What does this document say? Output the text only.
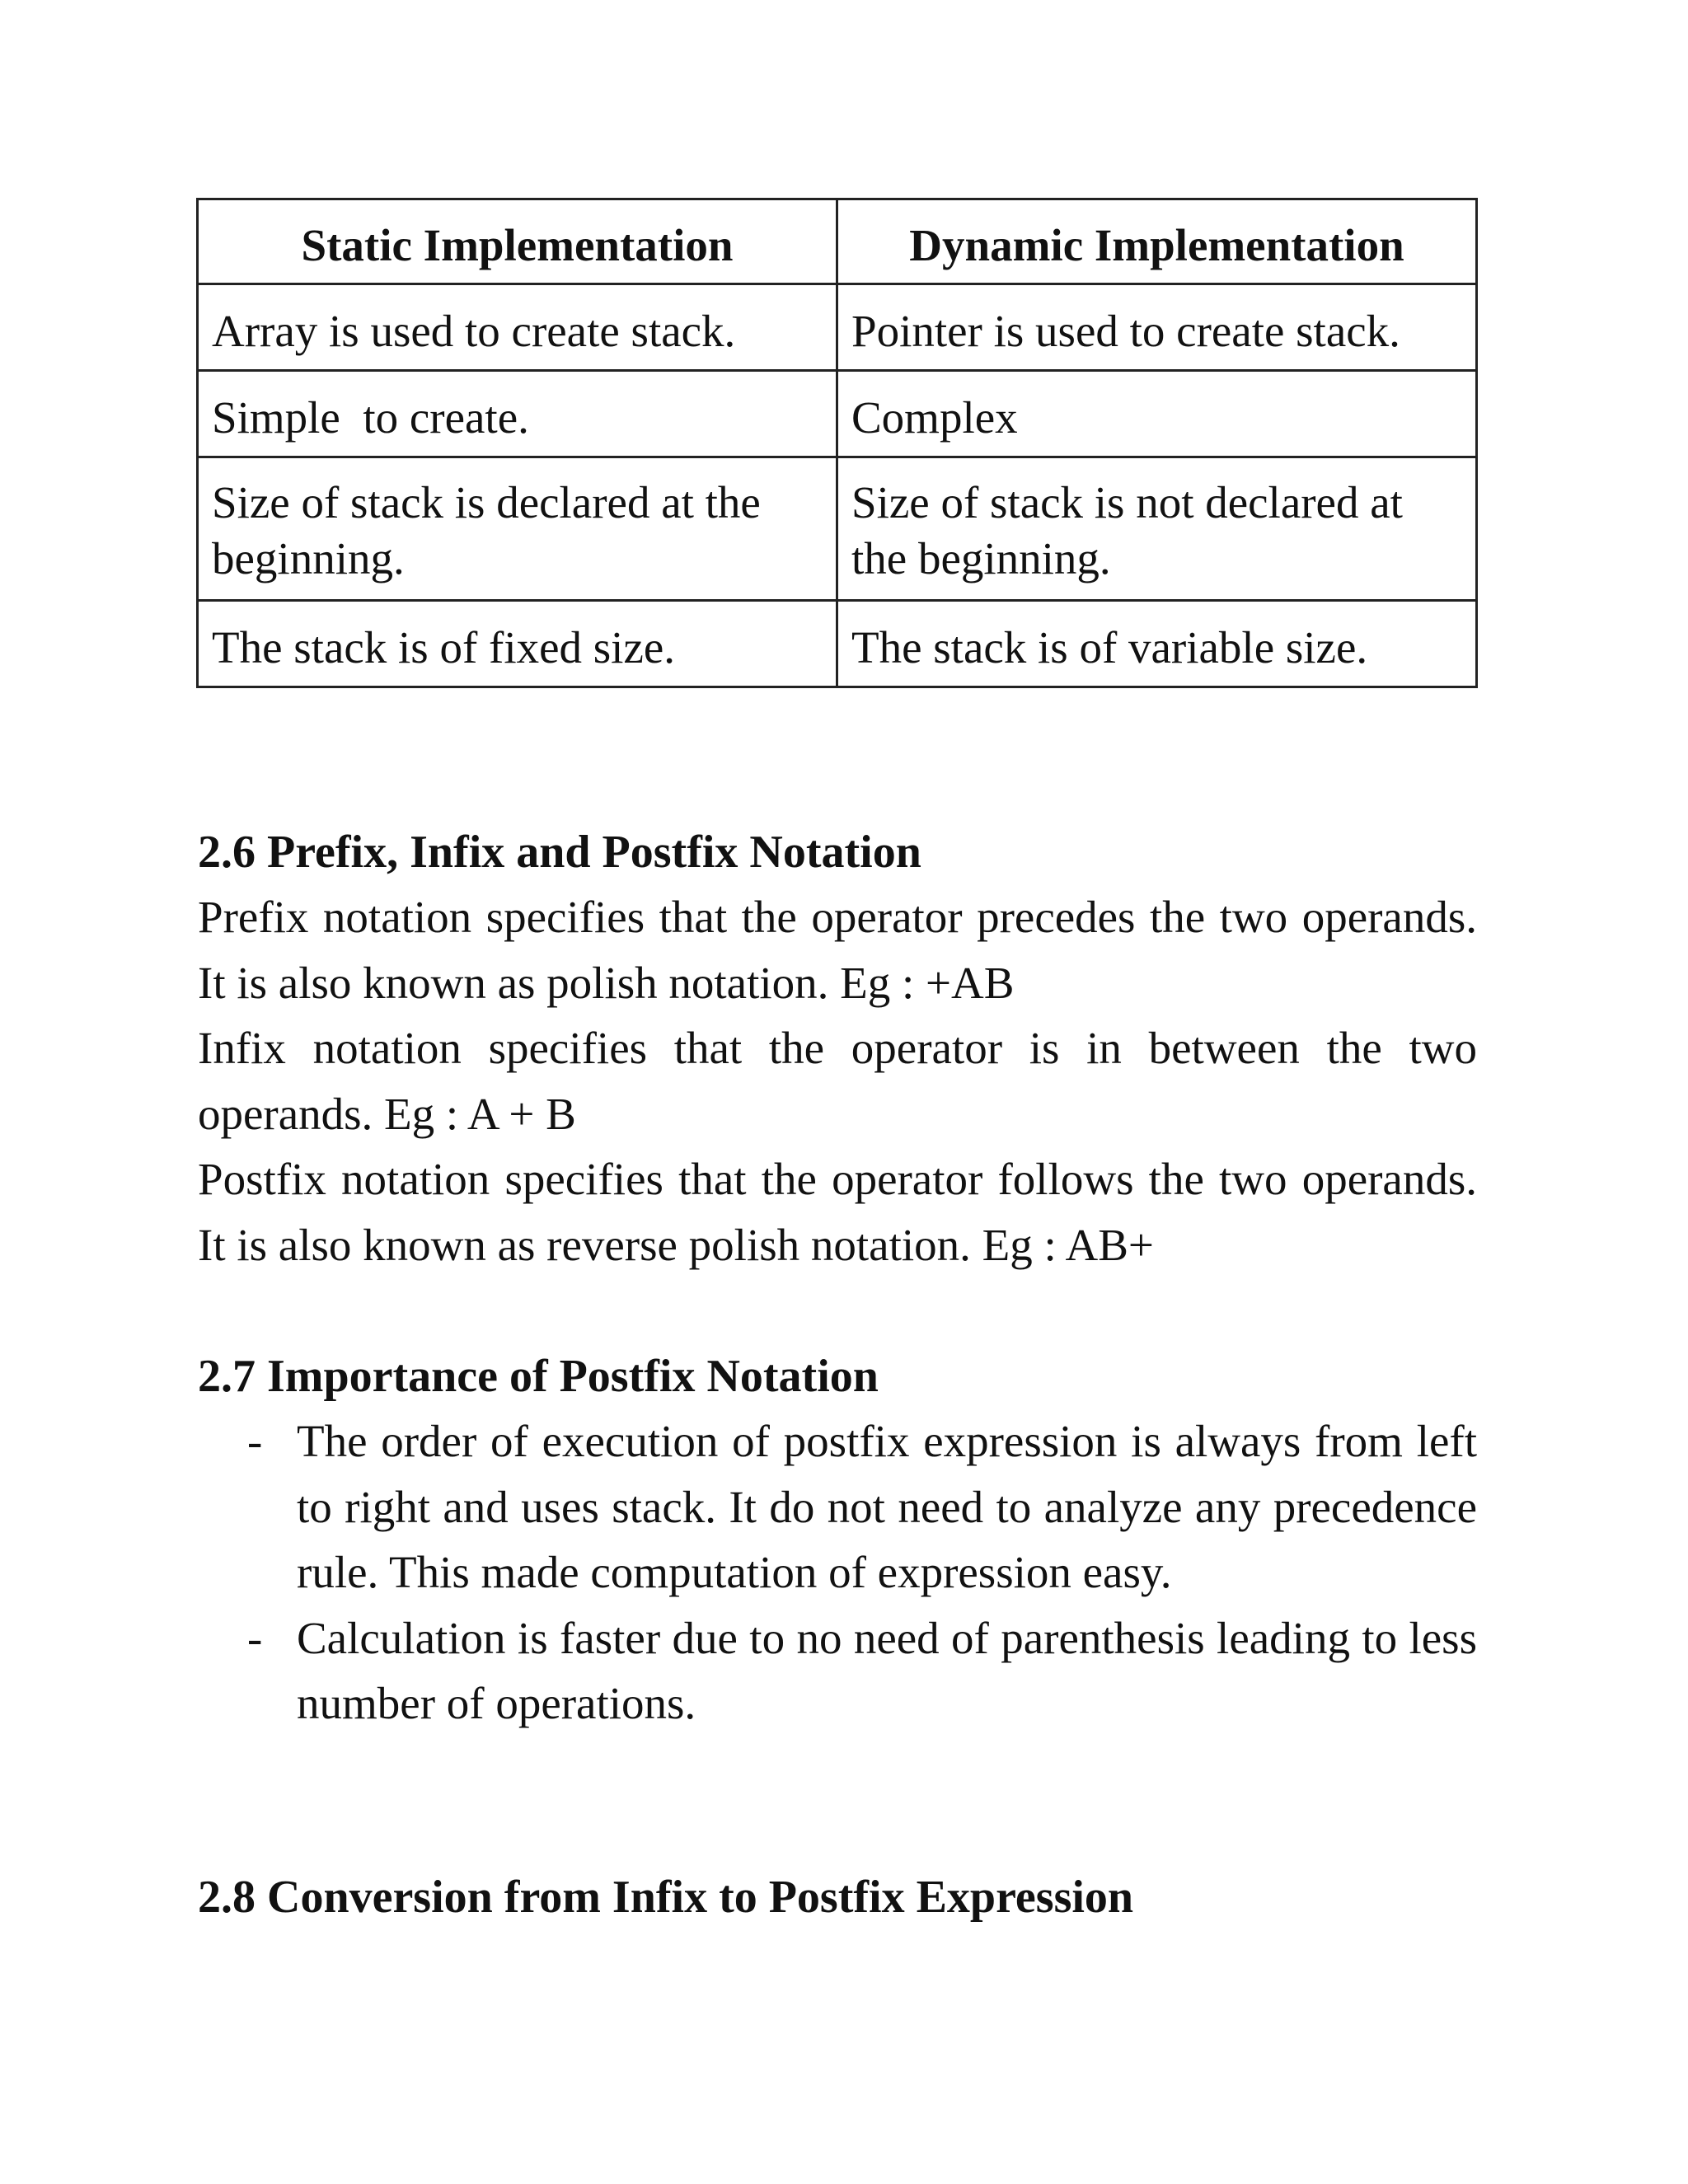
Static Implementation	Dynamic Implementation
Array is used to create stack.	Pointer is used to create stack.
Simple  to create.	Complex
Size of stack is declared at the beginning.	Size of stack is not declared at the beginning.
The stack is of fixed size.	The stack is of variable size.
2.6 Prefix, Infix and Postfix Notation

Prefix notation specifies that the operator precedes the two operands. It is also known as polish notation. Eg : +AB

Infix notation specifies that the operator is in between the two operands. Eg : A + B

Postfix notation specifies that the operator follows the two operands. It is also known as reverse polish notation. Eg : AB+

2.7 Importance of Postfix Notation
- The order of execution of postfix expression is always from left to right and uses stack. It do not need to analyze any precedence rule. This made computation of expression easy.
- Calculation is faster due to no need of parenthesis leading to less number of operations.
2.8 Conversion from Infix to Postfix Expression
